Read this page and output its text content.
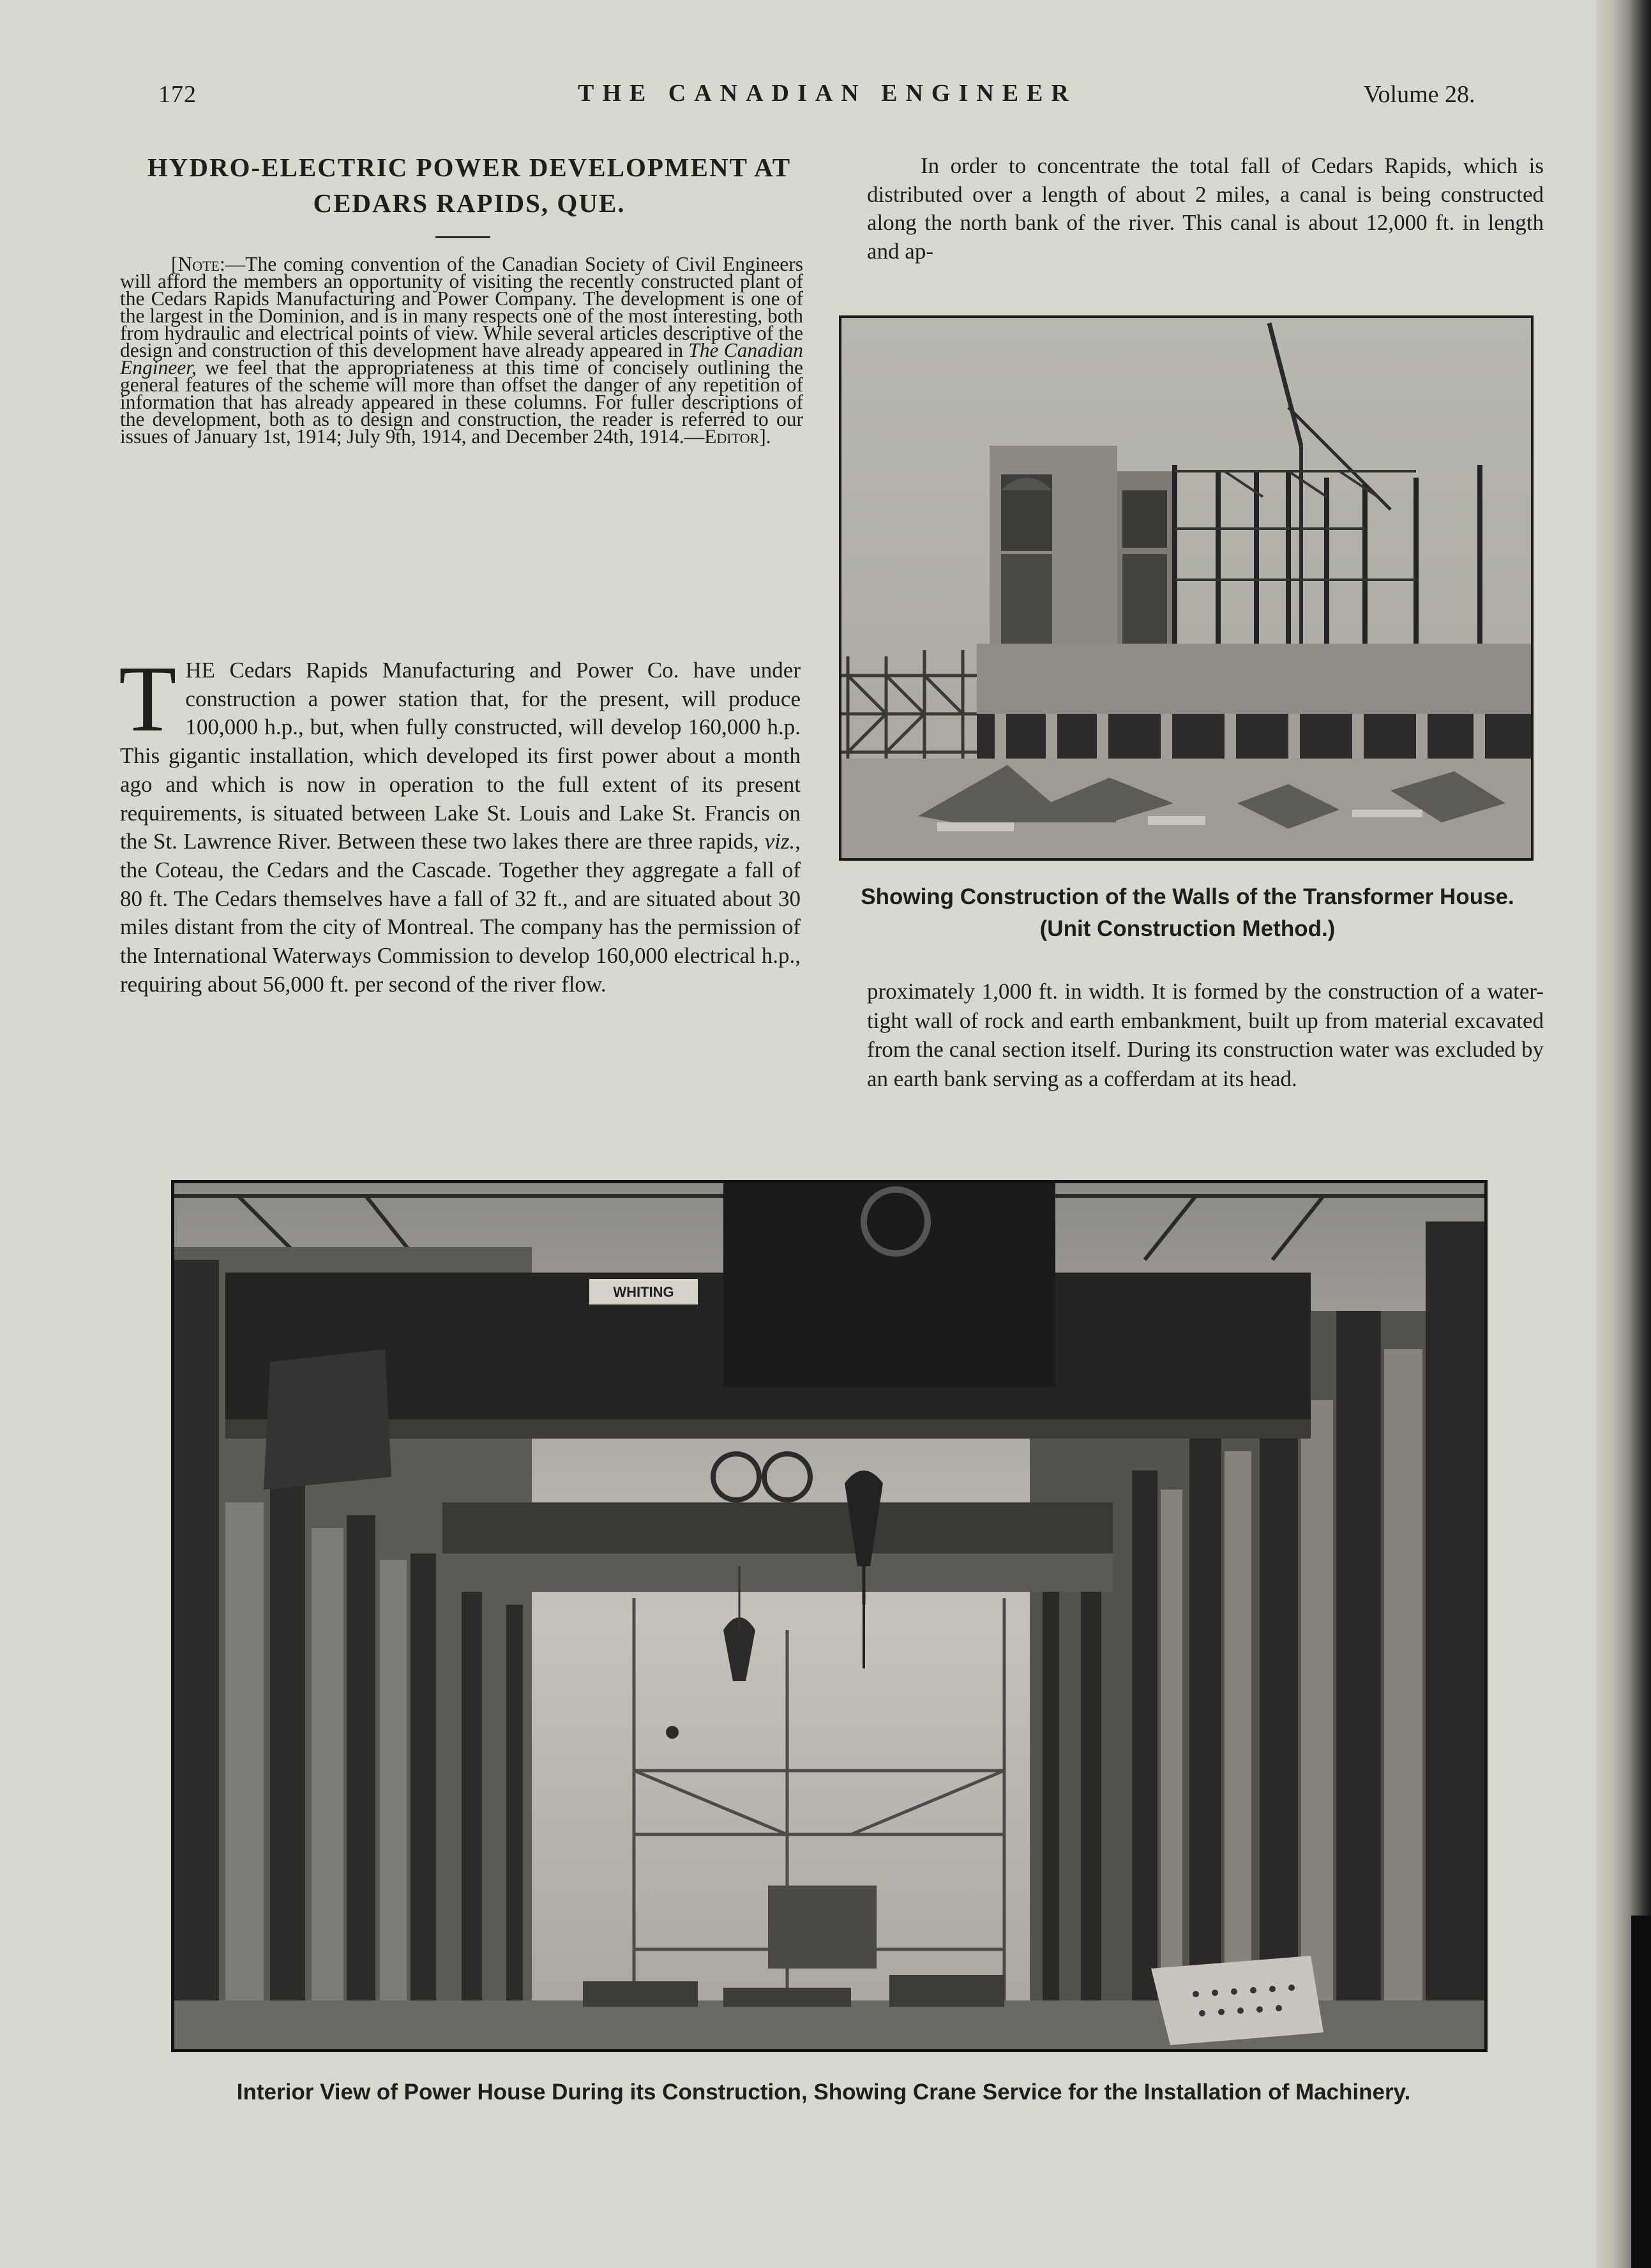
172	THE CANADIAN ENGINEER	Volume 28.
HYDRO-ELECTRIC POWER DEVELOPMENT AT
CEDARS RAPIDS, QUE.

[Note:—The coming convention of the Canadian Society of Civil Engineers will afford the members an opportunity of visiting the recently constructed plant of the Cedars Rapids Manufacturing and Power Company. The development is one of the largest in the Dominion, and is in many respects one of the most interesting, both from hydraulic and electrical points of view. While several articles descriptive of the design and construction of this development have already appeared in The Canadian Engineer, we feel that the appropriateness at this time of concisely outlining the general features of the scheme will more than offset the danger of any repetition of information that has already appeared in these columns. For fuller descriptions of the development, both as to design and construction, the reader is referred to our issues of January 1st, 1914; July 9th, 1914, and December 24th, 1914.—Editor].

THE Cedars Rapids Manufacturing and Power Co. have under construction a power station that, for the present, will produce 100,000 h.p., but, when fully constructed, will develop 160,000 h.p. This gigantic installation, which developed its first power about a month ago and which is now in operation to the full extent of its present requirements, is situated between Lake St. Louis and Lake St. Francis on the St. Lawrence River. Between these two lakes there are three rapids, viz., the Coteau, the Cedars and the Cascade. Together they aggregate a fall of 80 ft. The Cedars themselves have a fall of 32 ft., and are situated about 30 miles distant from the city of Montreal. The company has the permission of the International Waterways Commission to develop 160,000 electrical h.p., requiring about 56,000 ft. per second of the river flow.

In order to concentrate the total fall of Cedars Rapids, which is distributed over a length of about 2 miles, a canal is being constructed along the north bank of the river. This canal is about 12,000 ft. in length and ap-

Showing Construction of the Walls of the Transformer House. (Unit Construction Method.)

proximately 1,000 ft. in width. It is formed by the construction of a water-tight wall of rock and earth embankment, built up from material excavated from the canal section itself. During its construction water was excluded by an earth bank serving as a cofferdam at its head.

WHITING
Interior View of Power House During its Construction, Showing Crane Service for the Installation of Machinery.
